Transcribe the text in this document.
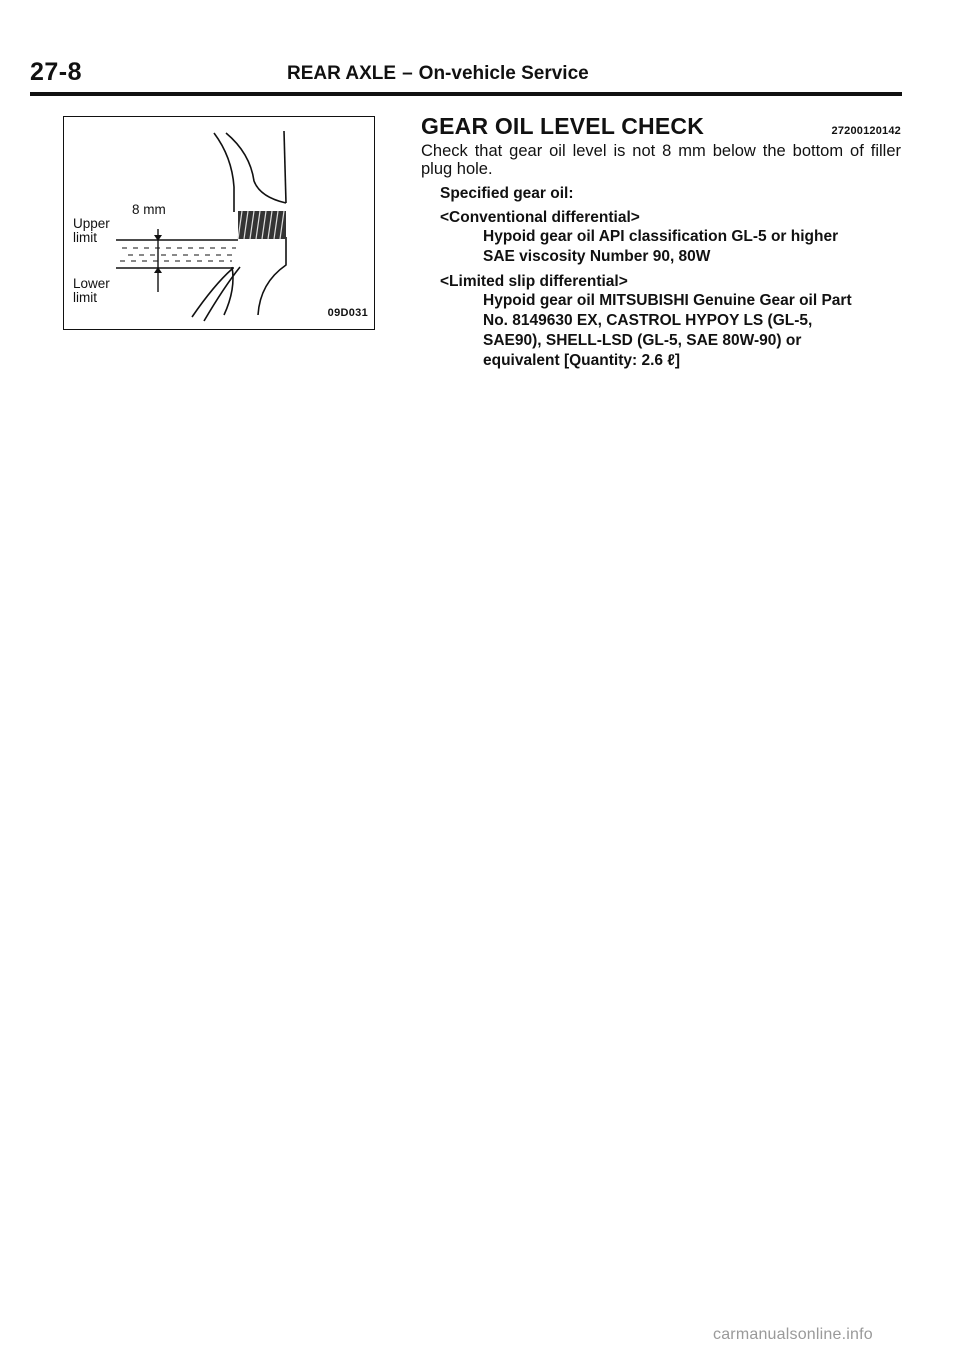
27-8	REAR AXLE – On-vehicle Service
8 mm
Upper
limit
Lower
limit
09D031
GEAR OIL LEVEL CHECK	27200120142

Check that gear oil level is not 8 mm below the bottom of filler plug hole.

Specified gear oil:
<Conventional differential>
Hypoid gear oil API classification GL-5 or higher
SAE viscosity Number 90, 80W
<Limited slip differential>
Hypoid gear oil MITSUBISHI Genuine Gear oil Part
No. 8149630 EX, CASTROL HYPOY LS (GL-5,
SAE90), SHELL-LSD (GL-5, SAE 80W-90) or
equivalent [Quantity: 2.6 ℓ]
carmanualsonline.info
